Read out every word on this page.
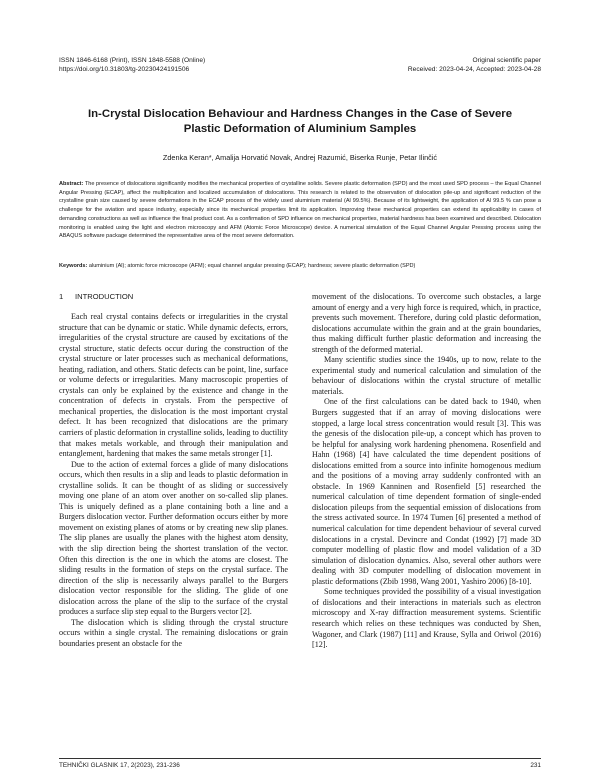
ISSN 1846-6168 (Print), ISSN 1848-5588 (Online)
https://doi.org/10.31803/tg-20230424191506
Original scientific paper
Received: 2023-04-24, Accepted: 2023-04-28
In-Crystal Dislocation Behaviour and Hardness Changes in the Case of Severe Plastic Deformation of Aluminium Samples
Zdenka Keran*, Amalija Horvatić Novak, Andrej Razumić, Biserka Runje, Petar Ilinčić

Abstract: The presence of dislocations significantly modifies the mechanical properties of crystalline solids. Severe plastic deformation (SPD) and the most used SPD process – the Equal Channel Angular Pressing (ECAP), affect the multiplication and localized accumulation of dislocations. This research is related to the observation of dislocation pile-up and significant reduction of the crystalline grain size caused by severe deformations in the ECAP process of the widely used aluminium material (Al 99.5%). Because of its lightweight, the application of Al 99.5 % can pose a challenge for the aviation and space industry, especially since its mechanical properties limit its application. Improving these mechanical properties can extend its applicability in cases of demanding constructions as well as influence the final product cost. As a confirmation of SPD influence on mechanical properties, material hardness has been examined and described. Dislocation monitoring is enabled using the light and electron microscopy and AFM (Atomic Force Microscope) device. A numerical simulation of the Equal Channel Angular Pressing process using the ABAQUS software package determined the representative area of the most severe deformation.

Keywords: aluminium (Al); atomic force microscope (AFM); equal channel angular pressing (ECAP); hardness; severe plastic deformation (SPD)

1 INTRODUCTION

Each real crystal contains defects or irregularities in the crystal structure that can be dynamic or static. While dynamic defects, errors, irregularities of the crystal structure are caused by excitations of the crystal structure, static defects occur during the construction of the crystal structure or later processes such as mechanical deformations, heating, radiation, and others. Static defects can be point, line, surface or volume defects or irregularities. Many macroscopic properties of crystals can only be explained by the existence and change in the concentration of defects in crystals. From the perspective of mechanical properties, the dislocation is the most important crystal defect. It has been recognized that dislocations are the primary carriers of plastic deformation in crystalline solids, leading to ductility that makes metals workable, and through their manipulation and entanglement, hardening that makes the same metals stronger [1].

Due to the action of external forces a glide of many dislocations occurs, which then results in a slip and leads to plastic deformation in crystalline solids. It can be thought of as sliding or successively moving one plane of an atom over another on so-called slip planes. This is uniquely defined as a plane containing both a line and a Burgers dislocation vector. Further deformation occurs either by more movement on existing planes of atoms or by creating new slip planes. The slip planes are usually the planes with the highest atom density, with the slip direction being the shortest translation of the vector. Often this direction is the one in which the atoms are closest. The sliding results in the formation of steps on the crystal surface. The direction of the slip is necessarily always parallel to the Burgers dislocation vector responsible for the sliding. The glide of one dislocation across the plane of the slip to the surface of the crystal produces a surface slip step equal to the Burgers vector [2].

The dislocation which is sliding through the crystal structure occurs within a single crystal. The remaining dislocations or grain boundaries present an obstacle for the

movement of the dislocations. To overcome such obstacles, a large amount of energy and a very high force is required, which, in practice, prevents such movement. Therefore, during cold plastic deformation, dislocations accumulate within the grain and at the grain boundaries, thus making difficult further plastic deformation and increasing the strength of the deformed material.

Many scientific studies since the 1940s, up to now, relate to the experimental study and numerical calculation and simulation of the behaviour of dislocations within the crystal structure of metallic materials.

One of the first calculations can be dated back to 1940, when Burgers suggested that if an array of moving dislocations were stopped, a large local stress concentration would result [3]. This was the genesis of the dislocation pile-up, a concept which has proven to be helpful for analysing work hardening phenomena. Rosenfield and Hahn (1968) [4] have calculated the time dependent positions of dislocations emitted from a source into infinite homogenous medium and the positions of a moving array suddenly confronted with an obstacle. In 1969 Kanninen and Rosenfield [5] researched the numerical calculation of time dependent formation of single-ended dislocation pileups from the sequential emission of dislocations from the stress activated source. In 1974 Tumen [6] presented a method of numerical calculation for time dependent behaviour of several curved dislocations in a crystal. Devincre and Condat (1992) [7] made 3D computer modelling of plastic flow and model validation of a 3D simulation of dislocation dynamics. Also, several other authors were dealing with 3D computer modelling of dislocation movement in plastic deformations (Zbib 1998, Wang 2001, Yashiro 2006) [8-10].

Some techniques provided the possibility of a visual investigation of dislocations and their interactions in materials such as electron microscopy and X-ray diffraction measurement systems. Scientific research which relies on these techniques was conducted by Shen, Wagoner, and Clark (1987) [11] and Krause, Sylla and Oriwol (2016) [12].

TEHNIČKI GLASNIK 17, 2(2023), 231-236	231
